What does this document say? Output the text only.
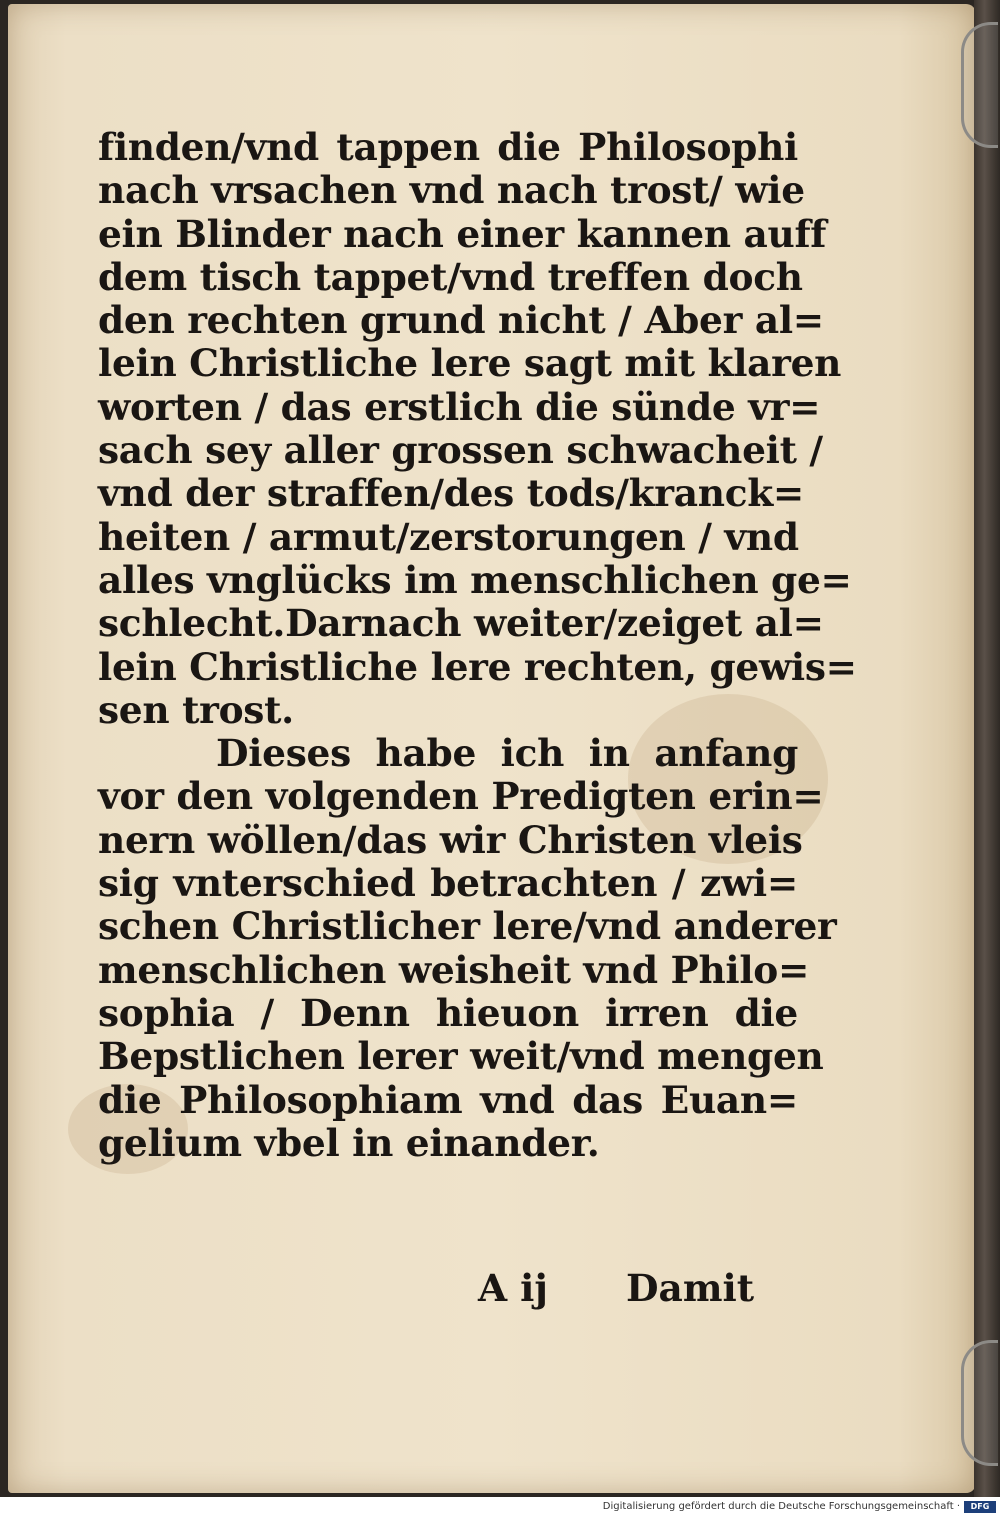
finden/vnd tappen die Philosophi
nach vrsachen vnd nach trost/ wie
ein Blinder nach einer kannen auff
dem tisch tappet/vnd treffen doch
den rechten grund nicht / Aber al=
lein Christliche lere sagt mit klaren
worten / das erstlich die sünde vr=
sach sey aller grossen schwacheit /
vnd der straffen/des tods/kranck=
heiten / armut/zerstorungen / vnd
alles vnglücks im menschlichen ge=
schlecht.Darnach weiter/zeiget al=
lein Christliche lere rechten, gewis=
sen trost.
Dieses habe ich in anfang
vor den volgenden Predigten erin=
nern wöllen/das wir Christen vleis
sig vnterschied betrachten / zwi=
schen Christlicher lere/vnd anderer
menschlichen weisheit vnd Philo=
sophia / Denn hieuon irren die
Bepstlichen lerer weit/vnd mengen
die Philosophiam vnd das Euan=
gelium vbel in einander.
A ij Damit
Digitalisierung gefördert durch die Deutsche Forschungsgemeinschaft ·	DFG
